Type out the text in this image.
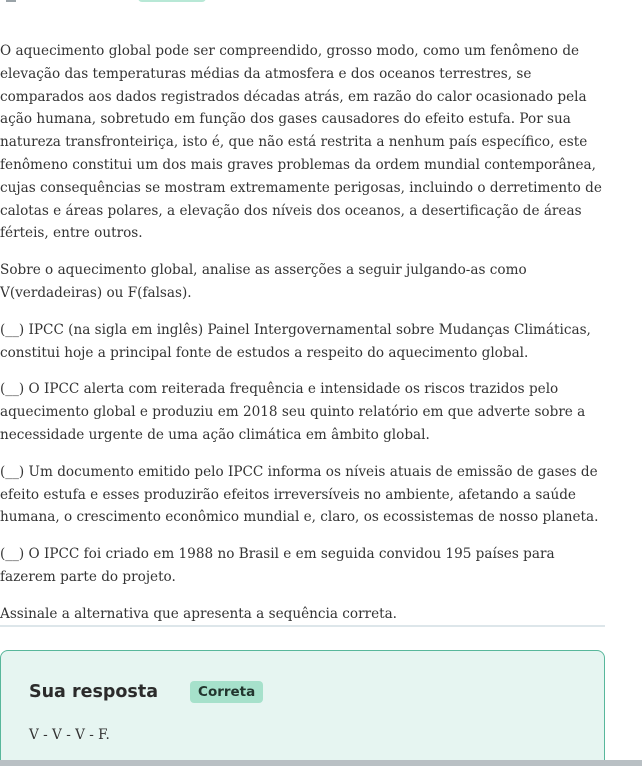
O aquecimento global pode ser compreendido, grosso modo, como um fenômeno de elevação das temperaturas médias da atmosfera e dos oceanos terrestres, se comparados aos dados registrados décadas atrás, em razão do calor ocasionado pela ação humana, sobretudo em função dos gases causadores do efeito estufa. Por sua natureza transfronteiriça, isto é, que não está restrita a nenhum país específico, este fenômeno constitui um dos mais graves problemas da ordem mundial contemporânea, cujas consequências se mostram extremamente perigosas, incluindo o derretimento de calotas e áreas polares, a elevação dos níveis dos oceanos, a desertificação de áreas férteis, entre outros.

Sobre o aquecimento global, analise as asserções a seguir julgando-as como V(verdadeiras) ou F(falsas).

(__) IPCC (na sigla em inglês) Painel Intergovernamental sobre Mudanças Climáticas, constitui hoje a principal fonte de estudos a respeito do aquecimento global.

(__) O IPCC alerta com reiterada frequência e intensidade os riscos trazidos pelo aquecimento global e produziu em 2018 seu quinto relatório em que adverte sobre a necessidade urgente de uma ação climática em âmbito global.

(__) Um documento emitido pelo IPCC informa os níveis atuais de emissão de gases de efeito estufa e esses produzirão efeitos irreversíveis no ambiente, afetando a saúde humana, o crescimento econômico mundial e, claro, os ecossistemas de nosso planeta.

(__) O IPCC foi criado em 1988 no Brasil e em seguida convidou 195 países para fazerem parte do projeto.

Assinale a alternativa que apresenta a sequência correta.

Sua resposta	Correta
V - V - V - F.
